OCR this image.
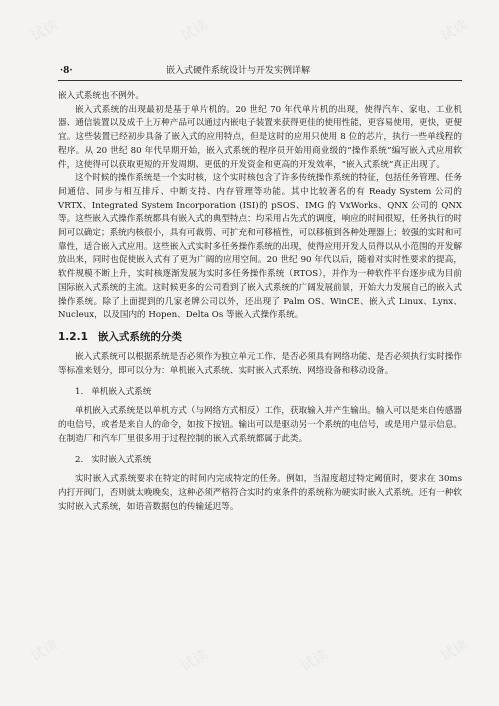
试读	试读	试读
试读
试读
试读	试读	试读
·8·	嵌入式硬件系统设计与开发实例详解

嵌入式系统也不例外。

嵌入式系统的出现最初是基于单片机的。20 世纪 70 年代单片机的出现，使得汽车、家电、工业机器、通信装置以及成千上万种产品可以通过内嵌电子装置来获得更佳的使用性能，更容易使用，更快，更便宜。这些装置已经初步具备了嵌入式的应用特点，但是这时的应用只使用 8 位的芯片，执行一些单线程的程序。从 20 世纪 80 年代早期开始，嵌入式系统的程序员开始用商业级的“操作系统”编写嵌入式应用软件，这使得可以获取更短的开发周期、更低的开发资金和更高的开发效率，“嵌入式系统”真正出现了。

这个时候的操作系统是一个实时核，这个实时核包含了许多传统操作系统的特征，包括任务管理、任务间通信、同步与相互排斥、中断支持、内存管理等功能。其中比较著名的有 Ready System 公司的 VRTX、Integrated System Incorporation (ISI)的 pSOS、IMG 的 VxWorks、QNX 公司的 QNX 等。这些嵌入式操作系统都具有嵌入式的典型特点：均采用占先式的调度，响应的时间很短，任务执行的时间可以确定；系统内核很小，具有可裁剪、可扩充和可移植性，可以移植到各种处理器上；较强的实时和可靠性，适合嵌入式应用。这些嵌入式实时多任务操作系统的出现，使得应用开发人员得以从小范围的开发解放出来，同时也促使嵌入式有了更为广阔的应用空间。20 世纪 90 年代以后，随着对实时性要求的提高，软件规模不断上升，实时核逐渐发展为实时多任务操作系统（RTOS），并作为一种软件平台逐步成为目前国际嵌入式系统的主流。这时候更多的公司看到了嵌入式系统的广阔发展前景，开始大力发展自己的嵌入式操作系统。除了上面提到的几家老牌公司以外，还出现了 Palm OS、WinCE、嵌入式 Linux、Lynx、Nucleux，以及国内的 Hopen、Delta Os 等嵌入式操作系统。

1.2.1 嵌入式系统的分类

嵌入式系统可以根据系统是否必须作为独立单元工作、是否必须具有网络功能、是否必须执行实时操作等标准来划分，即可以分为：单机嵌入式系统、实时嵌入式系统、网络设备和移动设备。

1. 单机嵌入式系统

单机嵌入式系统是以单机方式（与网络方式相反）工作，获取输入并产生输出。输入可以是来自传感器的电信号，或者是来自人的命令，如按下按钮。输出可以是驱动另一个系统的电信号，或是用户显示信息。在制造厂和汽车厂里很多用于过程控制的嵌入式系统都属于此类。

2. 实时嵌入式系统

实时嵌入式系统要求在特定的时间内完成特定的任务。例如，当湿度超过特定阈值时，要求在 30ms 内打开阀门，否则就太晚晚矣，这种必须严格符合实时约束条件的系统称为硬实时嵌入式系统。还有一种软实时嵌入式系统，如语音数据包的传输延迟等。
